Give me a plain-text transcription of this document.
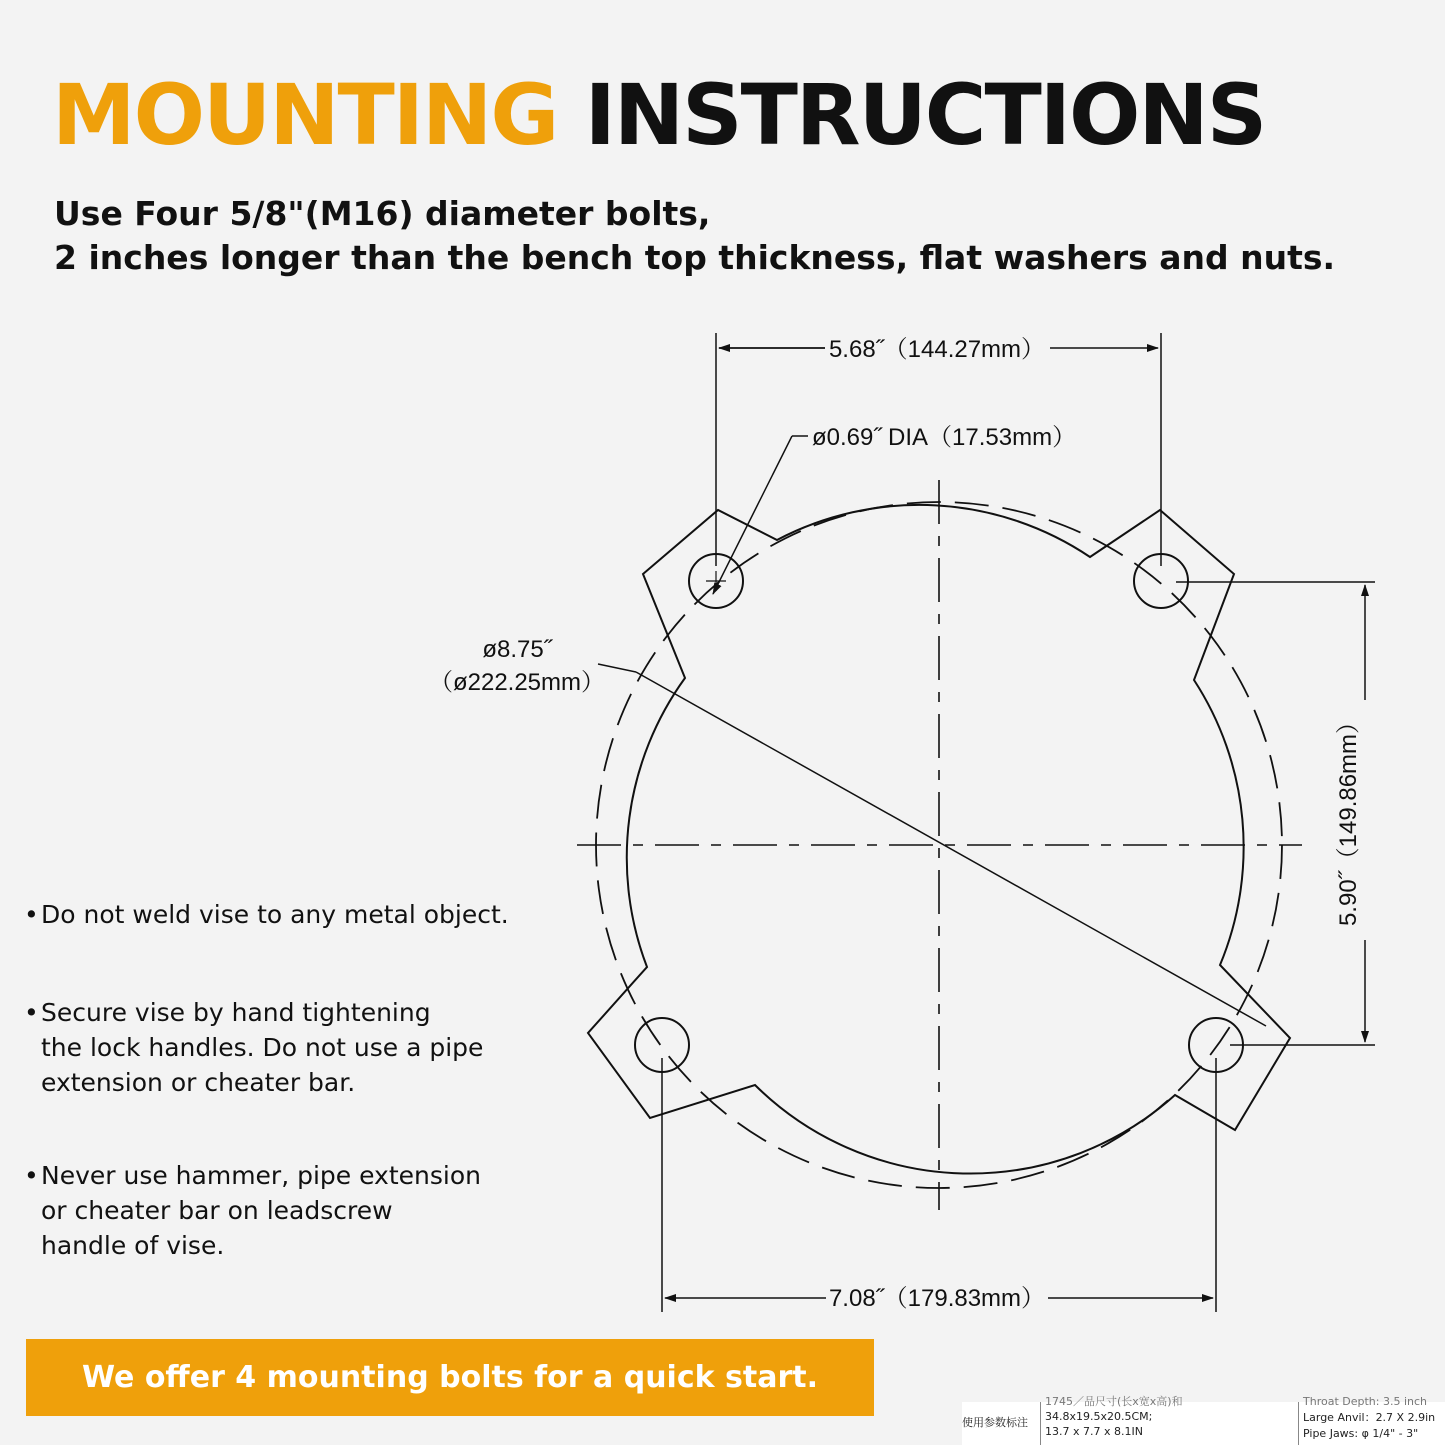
MOUNTING INSTRUCTIONS
Use Four 5/8"(M16) diameter bolts,
2 inches longer than the bench top thickness, flat washers and nuts.
5.68˝（144.27mm）
ø0.69˝ DIA（17.53mm）
ø8.75˝
（ø222.25mm）
7.08˝（179.83mm）
5.90˝（149.86mm）
• Do not weld vise to any metal object.
• Secure vise by hand tightening
the lock handles. Do not use a pipe
extension or cheater bar.
• Never use hammer, pipe extension
or cheater bar on leadscrew
handle of vise.
We offer 4 mounting bolts for a quick start.
使用参数标注
1745／品尺寸(长x宽x高)和
34.8x19.5x20.5CM;
13.7 x 7.7 x 8.1IN
Throat Depth: 3.5 inch
Large Anvil：2.7 X 2.9in
Pipe Jaws: φ 1/4" - 3"
